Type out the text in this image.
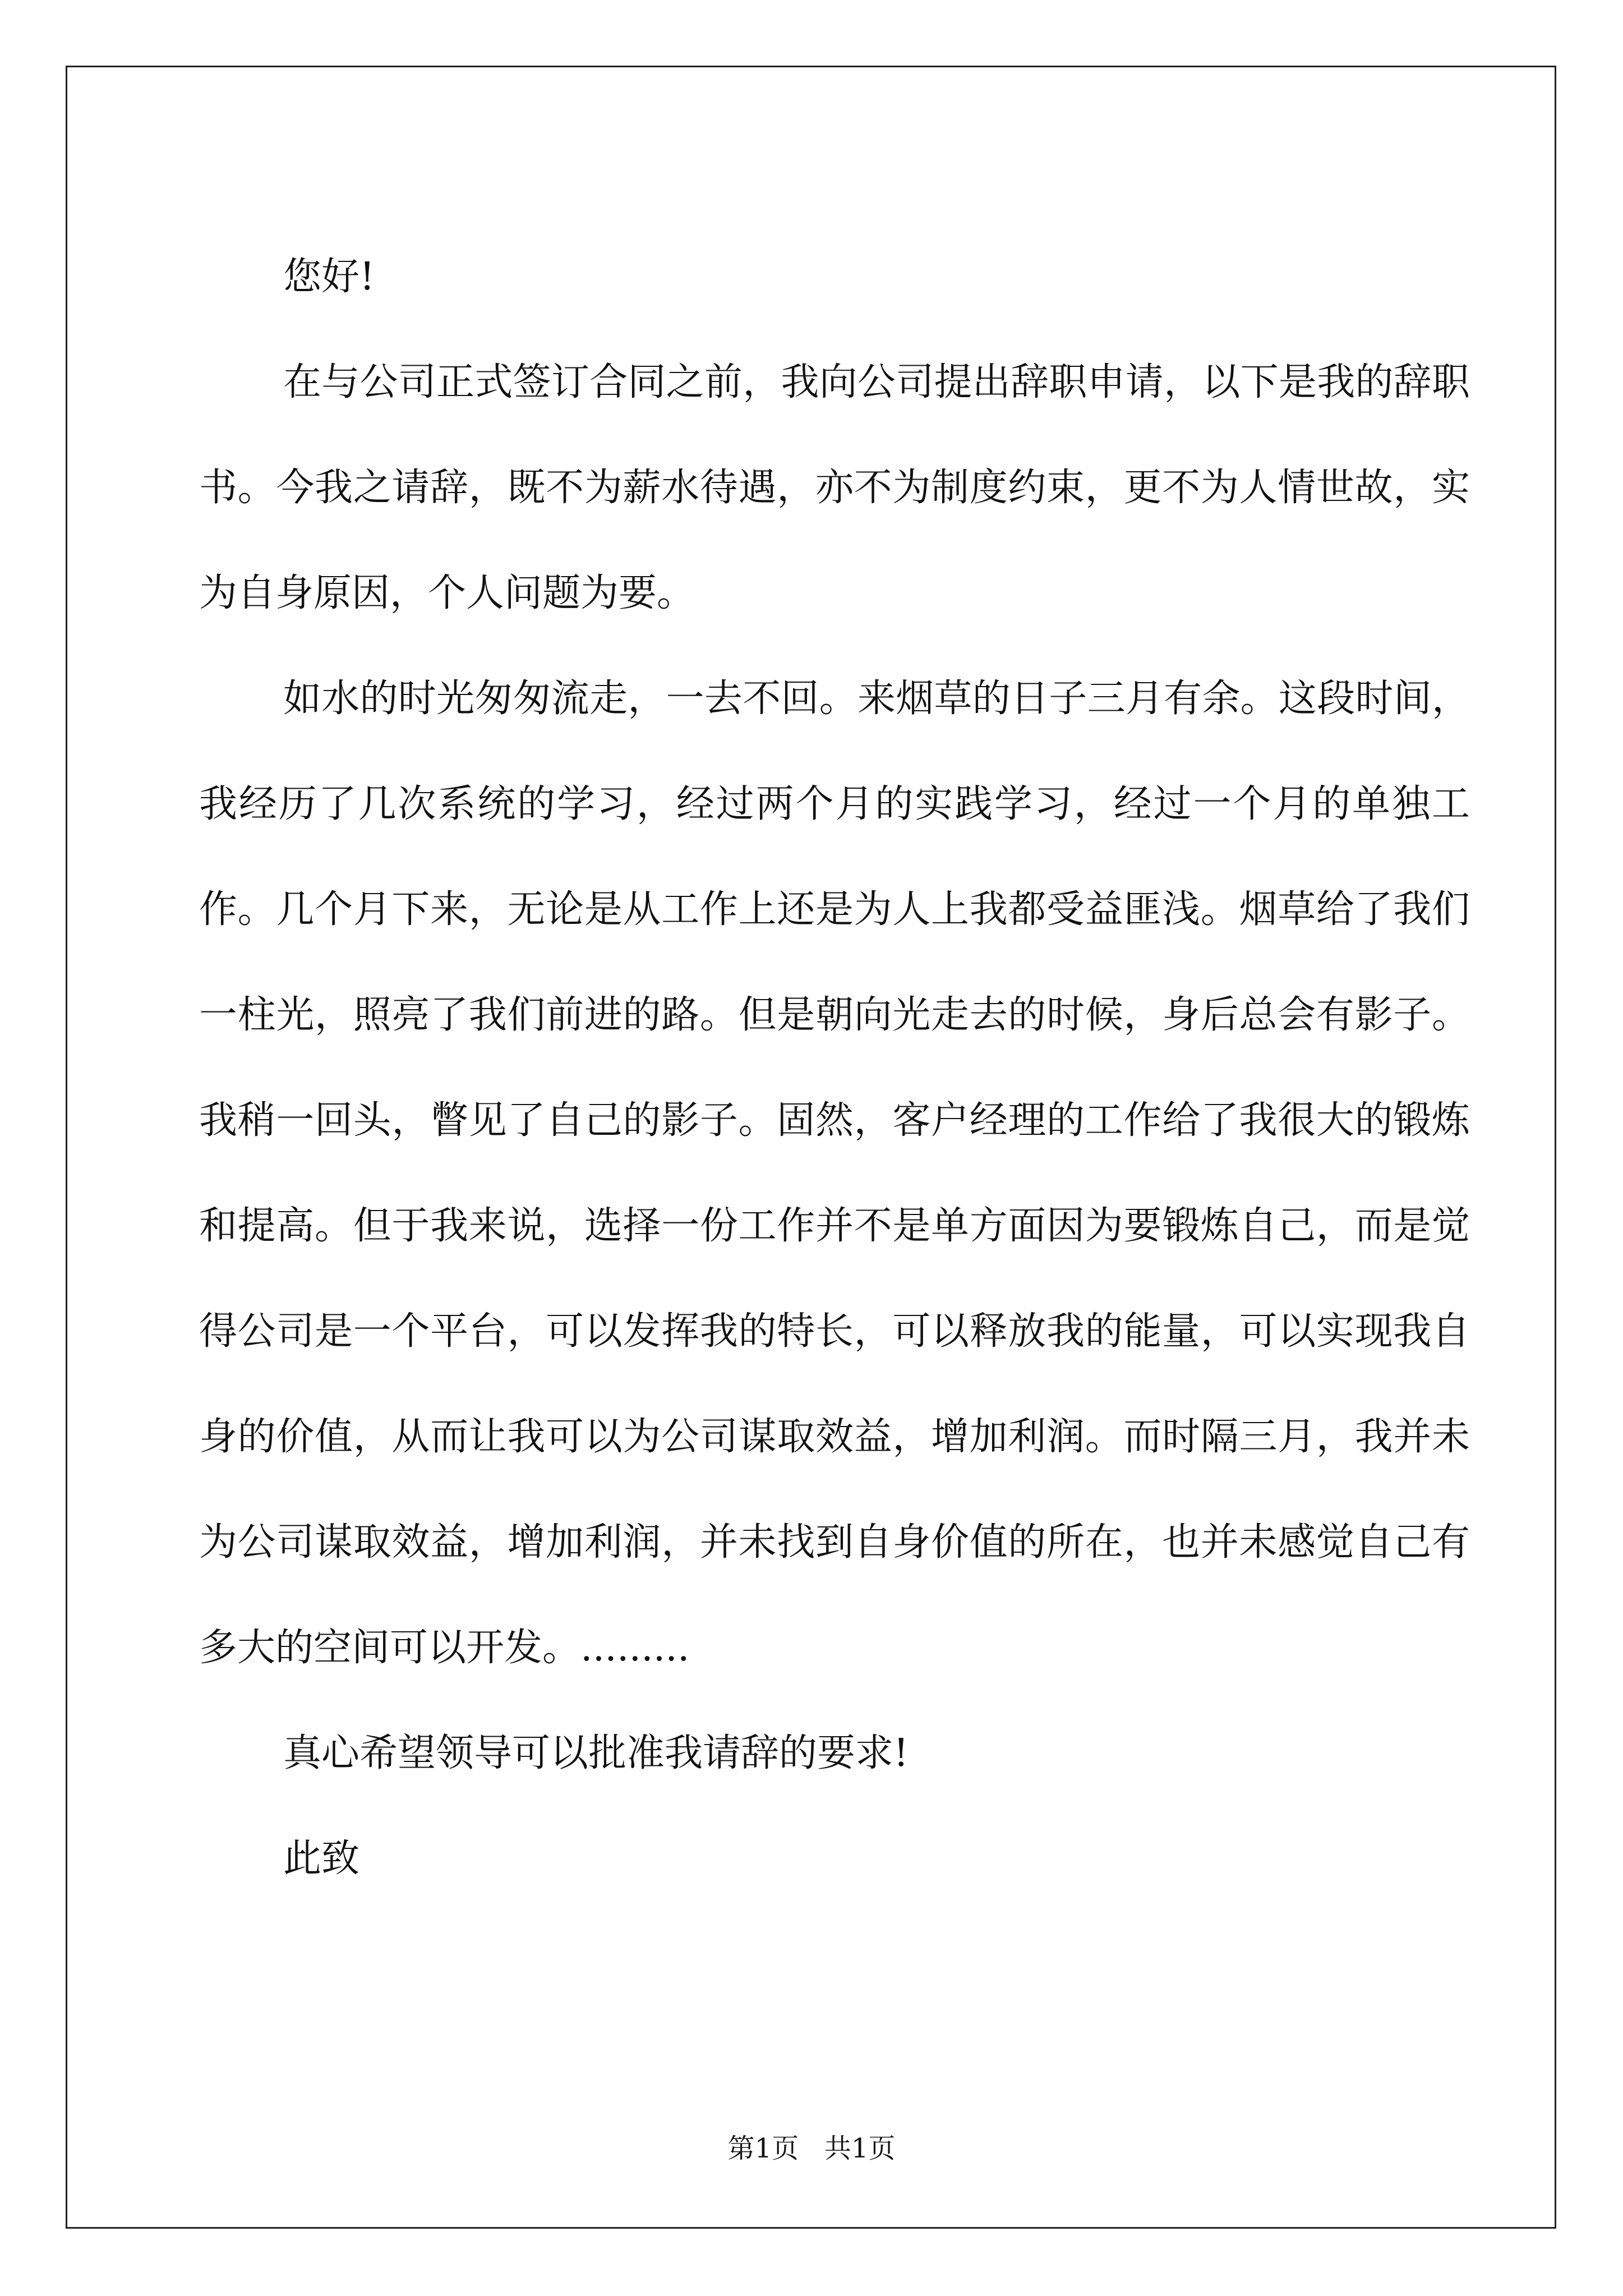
您好!

在与公司正式签订合同之前，我向公司提出辞职申请，以下是我的辞职书。今我之请辞，既不为薪水待遇，亦不为制度约束，更不为人情世故，实为自身原因，个人问题为要。

如水的时光匆匆流走，一去不回。来烟草的日子三月有余。这段时间，我经历了几次系统的学习，经过两个月的实践学习，经过一个月的单独工作。几个月下来，无论是从工作上还是为人上我都受益匪浅。烟草给了我们一柱光，照亮了我们前进的路。但是朝向光走去的时候，身后总会有影子。我稍一回头，瞥见了自己的影子。固然，客户经理的工作给了我很大的锻炼和提高。但于我来说，选择一份工作并不是单方面因为要锻炼自己，而是觉得公司是一个平台，可以发挥我的特长，可以释放我的能量，可以实现我自身的价值，从而让我可以为公司谋取效益，增加利润。而时隔三月，我并未为公司谋取效益，增加利润，并未找到自身价值的所在，也并未感觉自己有多大的空间可以开发。.........

真心希望领导可以批准我请辞的要求!

此致

第1页   共1页
